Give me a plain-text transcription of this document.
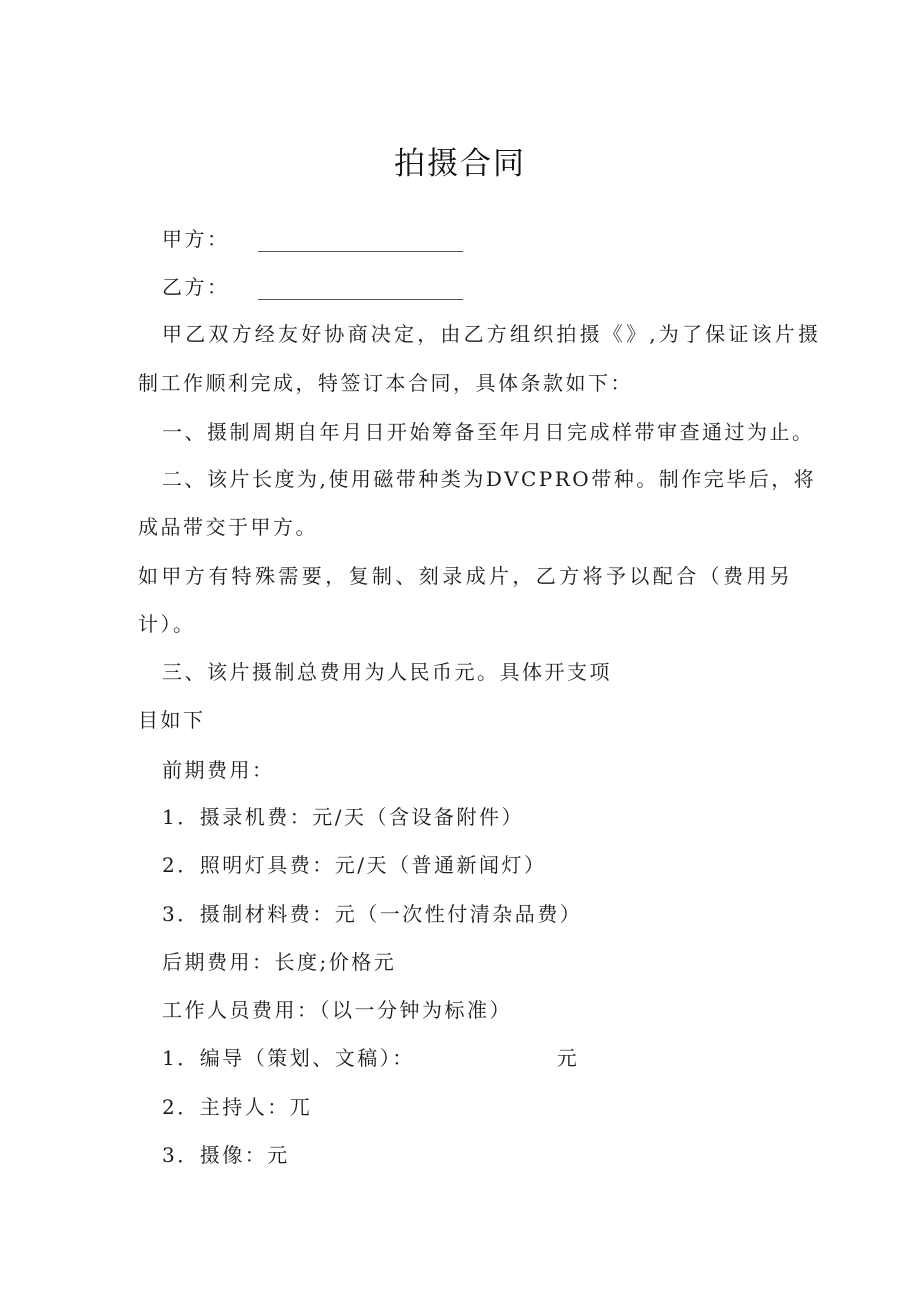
拍摄合同
甲方：
乙方：
甲乙双方经友好协商决定，由乙方组织拍摄《》,为了保证该片摄
制工作顺利完成，特签订本合同，具体条款如下：
一、摄制周期自年月日开始筹备至年月日完成样带审查通过为止。
二、该片长度为,使用磁带种类为DVCPRO带种。制作完毕后，将
成品带交于甲方。
如甲方有特殊需要，复制、刻录成片，乙方将予以配合（费用另
计）。
三、该片摄制总费用为人民币元。具体开支项
目如下
前期费用：
1．摄录机费：元/天（含设备附件）
2．照明灯具费：元/天（普通新闻灯）
3．摄制材料费：元（一次性付清杂品费）
后期费用：长度;价格元
工作人员费用：（以一分钟为标准）
1．编导（策划、文稿）：	元
2．主持人：兀
3．摄像：元
